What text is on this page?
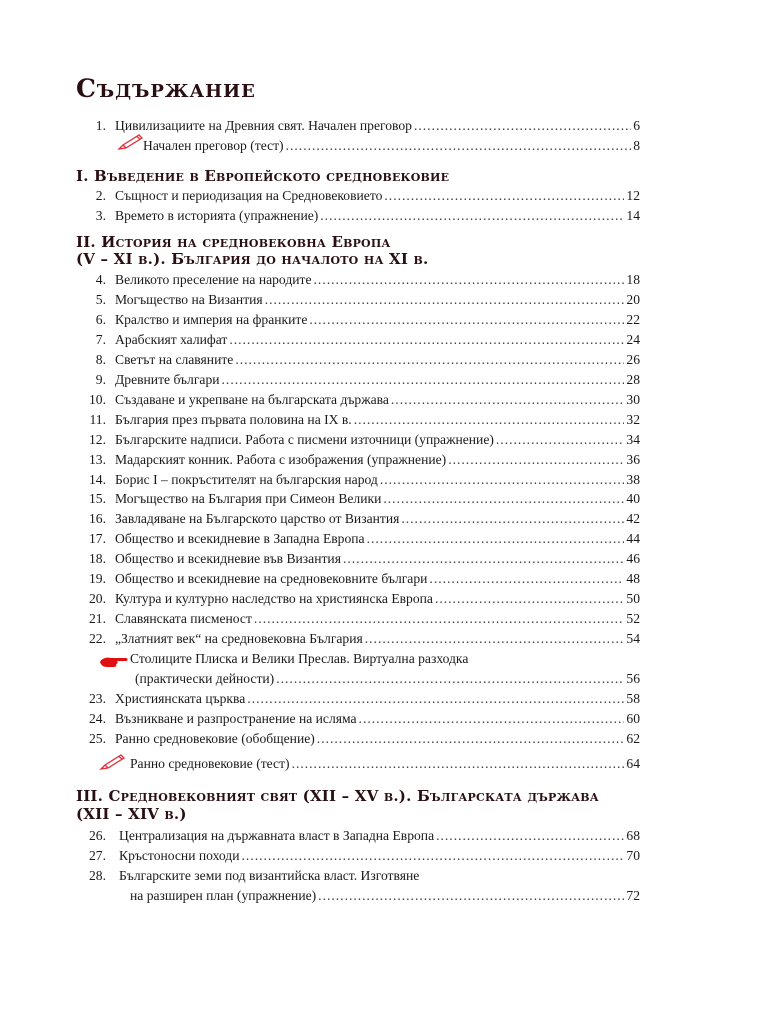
Съдържание
1. Цивилизациите на Древния свят. Начален преговор .....	6
Начален преговор (тест) .....	8
I. Въведение в Европейското средновековие
2. Същност и периодизация на Средновековието .....	12
3. Времето в историята (упражнение) .....	14
II. История на средновековна Европа
(V – XI в.). България до началото на XI в.
4. Великото преселение на народите .....	18
5. Могъщество на Византия .....	20
6. Кралство и империя на франките .....	22
7. Арабският халифат .....	24
8. Светът на славяните .....	26
9. Древните българи .....	28
10. Създаване и укрепване на българската държава .....	30
11. България през първата половина на IX в. .....	32
12. Българските надписи. Работа с писмени източници (упражнение) .....	34
13. Мадарският конник. Работа с изображения (упражнение) .....	36
14. Борис I – покръстителят на българския народ .....	38
15. Могъщество на България при Симеон Велики .....	40
16. Завладяване на Българското царство от Византия .....	42
17. Общество и всекидневие в Западна Европа .....	44
18. Общество и всекидневие във Византия .....	46
19. Общество и всекидневие на средновековните българи .....	48
20. Култура и културно наследство на християнска Европа .....	50
21. Славянската писменост .....	52
22. „Златният век“ на средновековна България .....	54
Столиците Плиска и Велики Преслав. Виртуална разходка
(практически дейности) .....	56
23. Християнската църква .....	58
24. Възникване и разпространение на исляма .....	60
25. Ранно средновековие (обобщение) .....	62
Ранно средновековие (тест) .....	64
III. Средновековният свят (XII – XV в.). Българската държава
(XII – XIV в.)
26. Централизация на държавната власт в Западна Европа .....	68
27. Кръстоносни походи .....	70
28. Българските земи под византийска власт. Изготвяне
на разширен план (упражнение) .....	72
